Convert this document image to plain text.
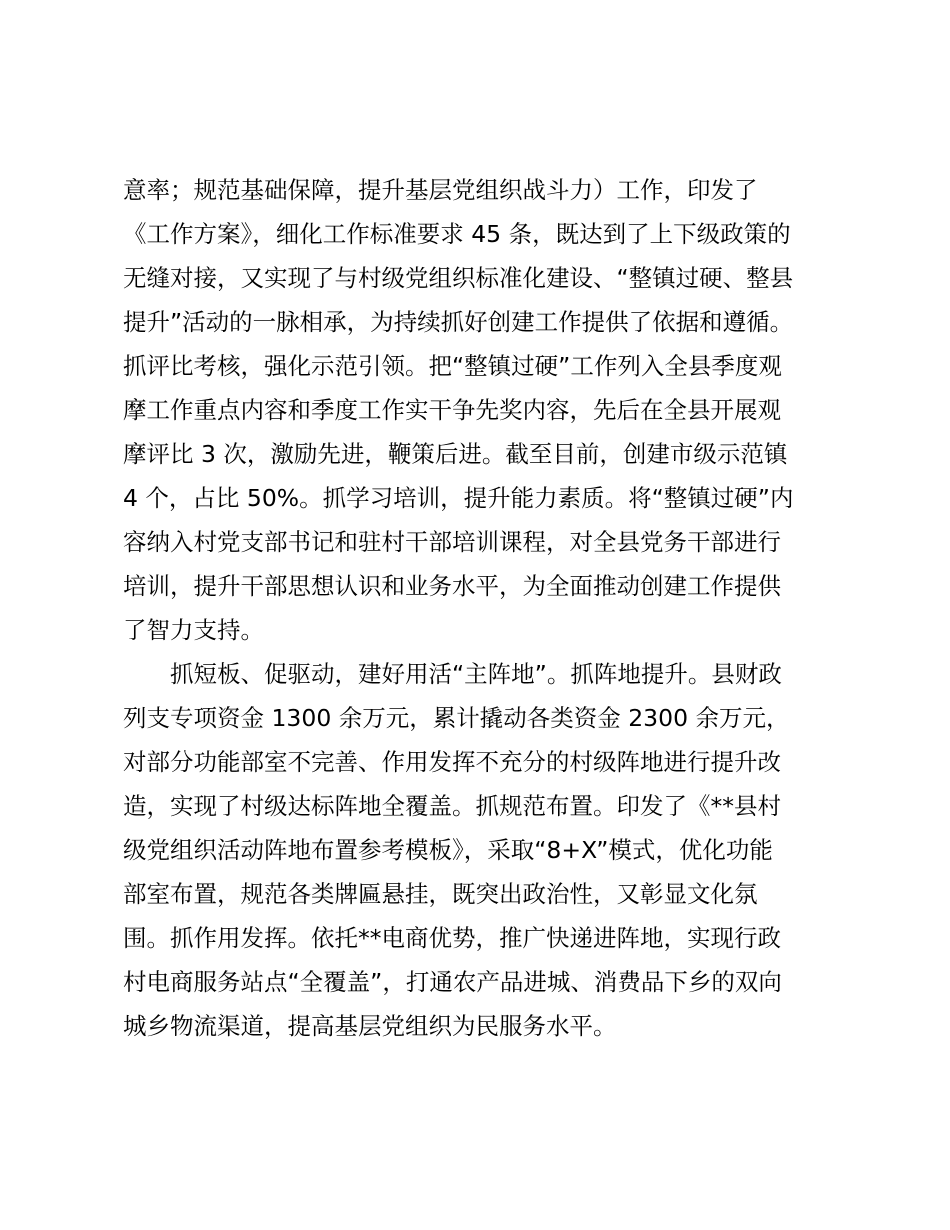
意率；规范基础保障，提升基层党组织战斗力）工作，印发了
《工作方案》，细化工作标准要求 45 条，既达到了上下级政策的
无缝对接，又实现了与村级党组织标准化建设、“整镇过硬、整县
提升”活动的一脉相承，为持续抓好创建工作提供了依据和遵循。
抓评比考核，强化示范引领。把“整镇过硬”工作列入全县季度观
摩工作重点内容和季度工作实干争先奖内容，先后在全县开展观
摩评比 3 次，激励先进，鞭策后进。截至目前，创建市级示范镇
4 个，占比 50%。抓学习培训，提升能力素质。将“整镇过硬”内
容纳入村党支部书记和驻村干部培训课程，对全县党务干部进行
培训，提升干部思想认识和业务水平，为全面推动创建工作提供
了智力支持。
抓短板、促驱动，建好用活“主阵地”。抓阵地提升。县财政
列支专项资金 1300 余万元，累计撬动各类资金 2300 余万元，
对部分功能部室不完善、作用发挥不充分的村级阵地进行提升改
造，实现了村级达标阵地全覆盖。抓规范布置。印发了《**县村
级党组织活动阵地布置参考模板》，采取“8+X”模式，优化功能
部室布置，规范各类牌匾悬挂，既突出政治性，又彰显文化氛
围。抓作用发挥。依托**电商优势，推广快递进阵地，实现行政
村电商服务站点“全覆盖”，打通农产品进城、消费品下乡的双向
城乡物流渠道，提高基层党组织为民服务水平。
